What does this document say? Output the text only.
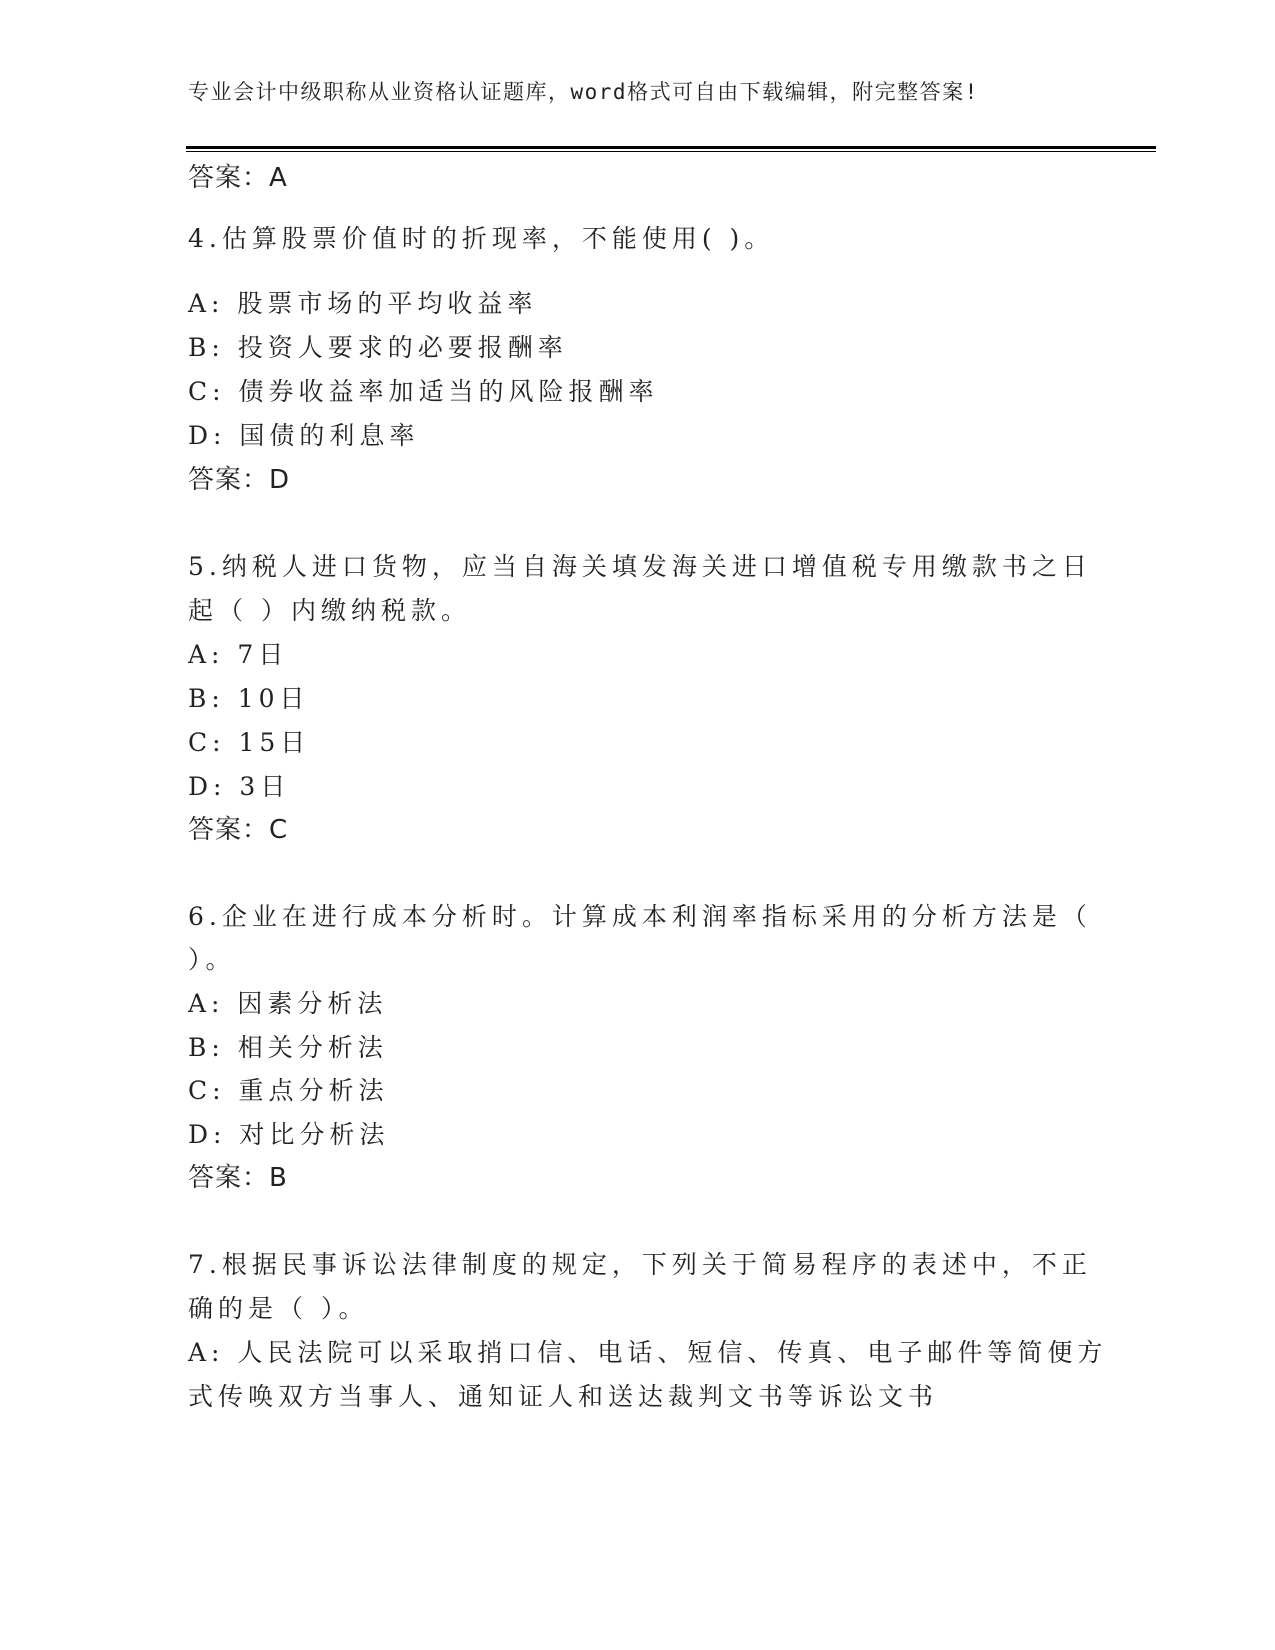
专业会计中级职称从业资格认证题库，word格式可自由下载编辑，附完整答案!
答案：A
4.估算股票价值时的折现率，不能使用( )。
A: 股票市场的平均收益率
B: 投资人要求的必要报酬率
C: 债券收益率加适当的风险报酬率
D: 国债的利息率
答案：D
5.纳税人进口货物，应当自海关填发海关进口增值税专用缴款书之日
起（ ）内缴纳税款。
A: 7日
B: 10日
C: 15日
D: 3日
答案：C
6.企业在进行成本分析时。计算成本利润率指标采用的分析方法是（
）。
A: 因素分析法
B: 相关分析法
C: 重点分析法
D: 对比分析法
答案：B
7.根据民事诉讼法律制度的规定，下列关于简易程序的表述中，不正
确的是（ ）。
A: 人民法院可以采取捎口信、电话、短信、传真、电子邮件等简便方
式传唤双方当事人、通知证人和送达裁判文书等诉讼文书
